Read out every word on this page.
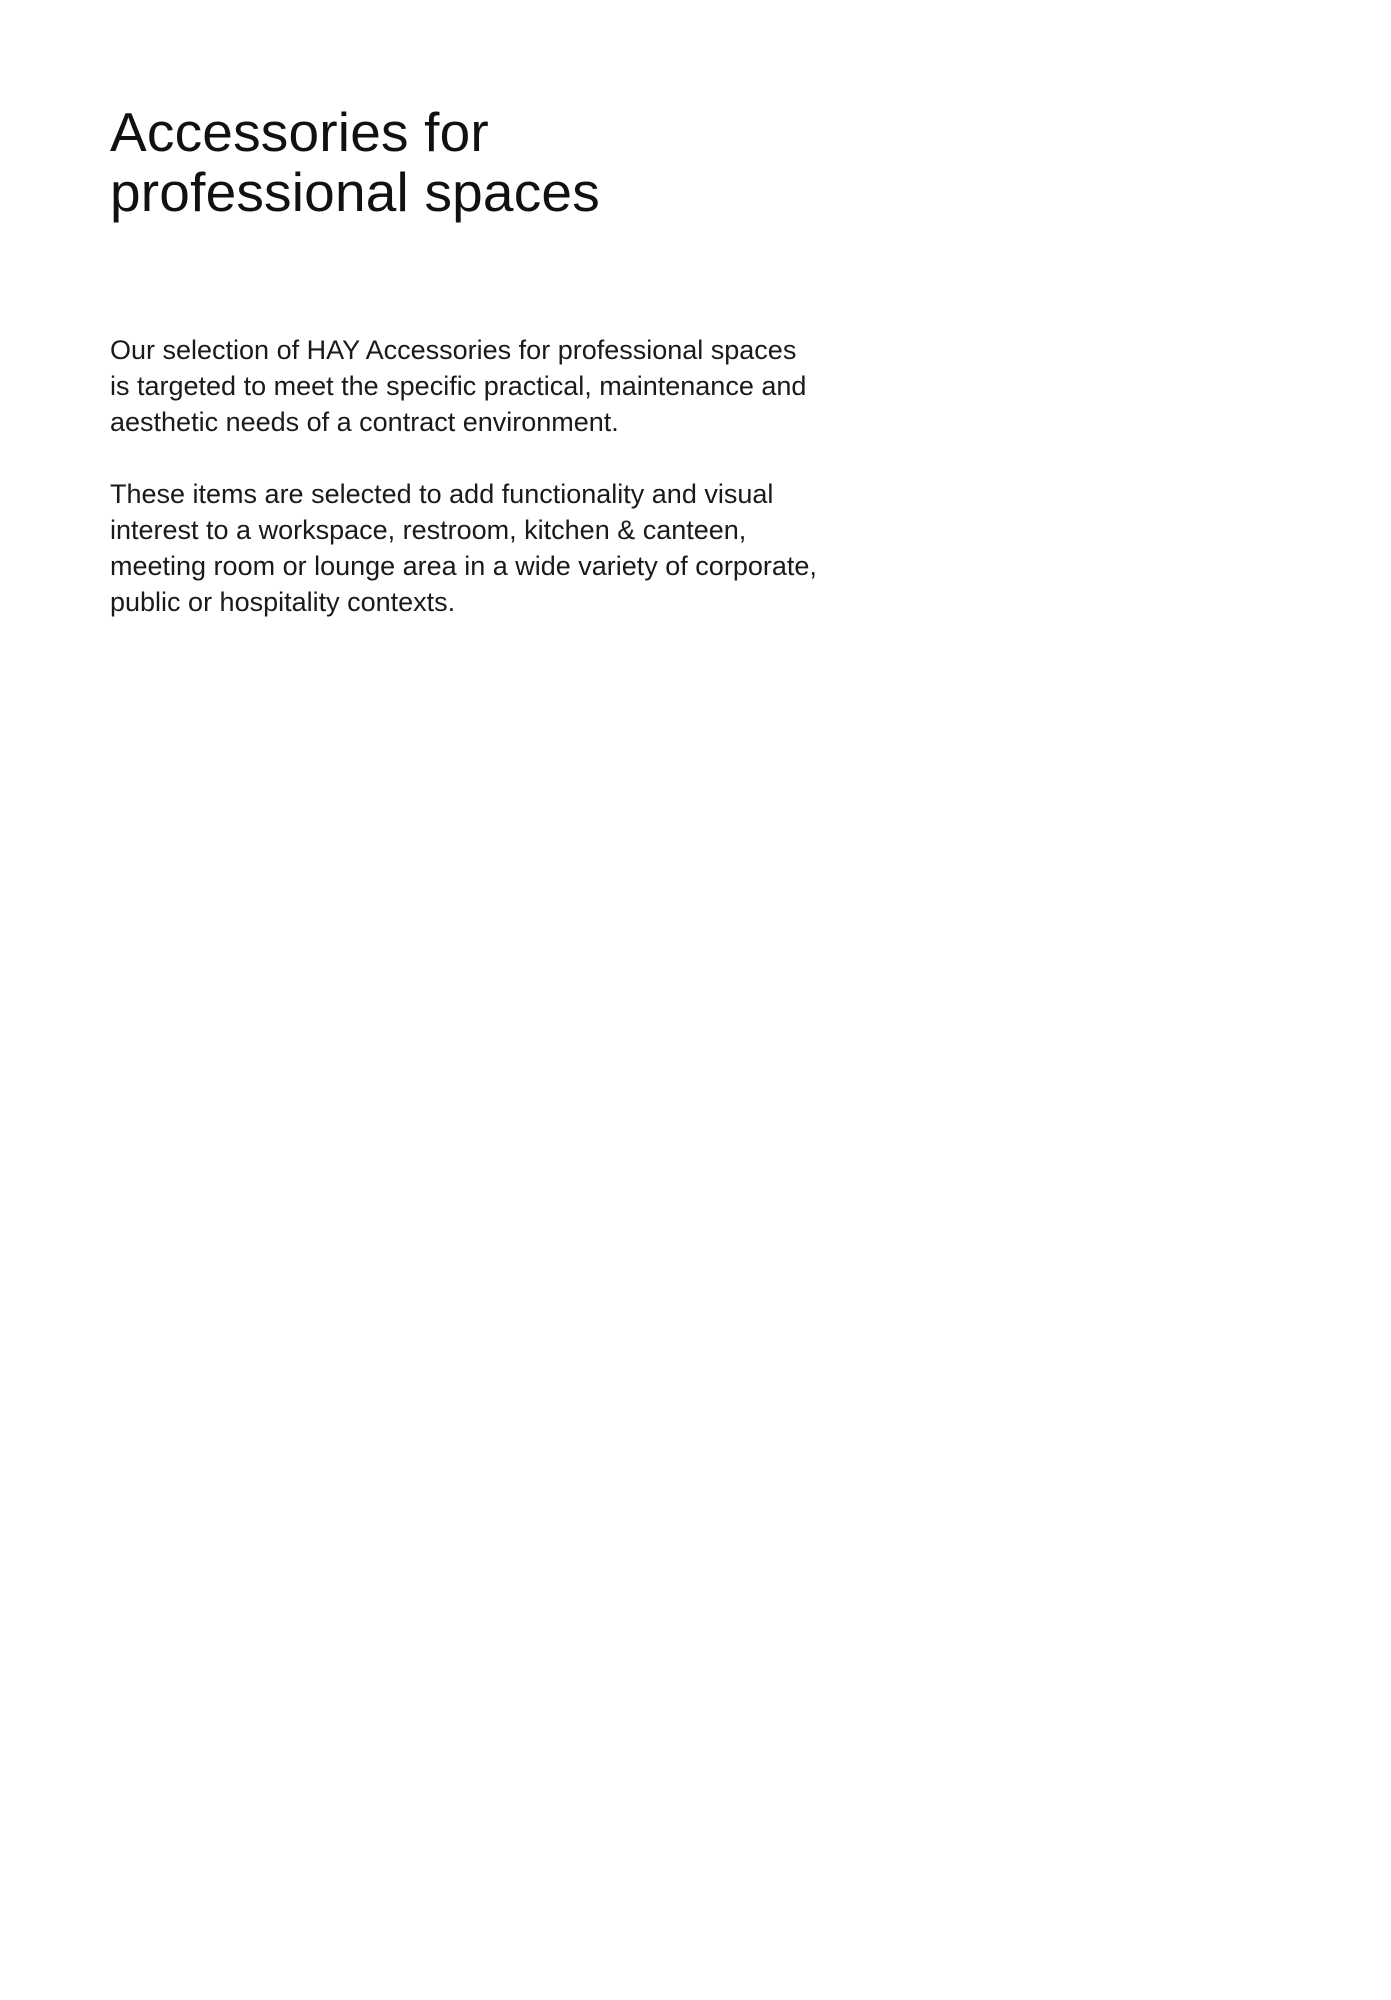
Accessories for
professional spaces

Our selection of HAY Accessories for professional spaces
is targeted to meet the specific practical, maintenance and
aesthetic needs of a contract environment.

These items are selected to add functionality and visual
interest to a workspace, restroom, kitchen & canteen,
meeting room or lounge area in a wide variety of corporate,
public or hospitality contexts.
